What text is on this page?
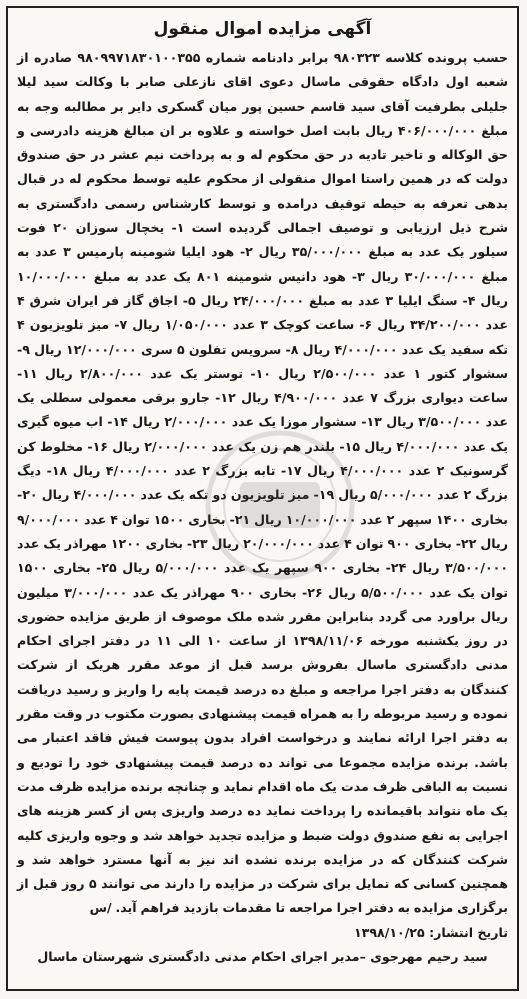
آگهی مزایده اموال منقول

حسب پرونده کلاسه ۹۸۰۳۲۳ برابر دادنامه شماره ۹۸۰۹۹۷۱۸۳۰۱۰۰۳۵۵ صادره از شعبه اول دادگاه حقوقی ماسال دعوی اقای نازعلی صابر با وکالت سید لیلا جلیلی بطرفیت آقای سید قاسم حسین پور میان گسکری دایر بر مطالبه وجه به مبلغ ۴۰۶/۰۰۰/۰۰۰ ریال بابت اصل خواسته و علاوه بر ان مبالغ هزینه دادرسی و حق الوکاله و تاخیر تادیه در حق محکوم له و به پرداخت نیم عشر در حق صندوق دولت که در همین راستا اموال منقولی از محکوم علیه توسط محکوم له در قبال بدهی تعرفه به حیطه توقیف درامده و توسط کارشناس رسمی دادگستری به شرح ذیل ارزیابی و توصیف اجمالی گردیده است ۱- یخچال سوزان ۲۰ فوت سیلور یک عدد به مبلغ ۳۵/۰۰۰/۰۰۰ ریال ۲- هود ایلیا شومینه پارمیس ۳ عدد به مبلغ ۳۰/۰۰۰/۰۰۰ ریال ۳- هود دانیس شومینه ۸۰۱ یک عدد به مبلغ ۱۰/۰۰۰/۰۰۰ ریال ۴- سنگ ایلیا ۳ عدد به مبلغ ۲۴/۰۰۰/۰۰۰ ریال ۵- اجاق گاز فر ایران شرق ۴ عدد ۳۴/۲۰۰/۰۰۰ ریال ۶- ساعت کوچک ۳ عدد ۱/۰۵۰/۰۰۰ ریال ۷- میز تلویزیون ۴ تکه سفید یک عدد ۴/۰۰۰/۰۰۰ ریال ۸- سرویس تفلون ۵ سری ۱۲/۰۰۰/۰۰۰ ریال ۹- سشوار کتور ۱ عدد ۲/۵۰۰/۰۰۰ ریال ۱۰- توستر یک عدد ۲/۸۰۰/۰۰۰ ریال ۱۱- ساعت دیواری بزرگ ۷ عدد ۴/۹۰۰/۰۰۰ ریال ۱۲- جارو برقی معمولی سطلی یک عدد ۳/۵۰۰/۰۰۰ ریال ۱۳- سشوار موزا یک عدد ۲/۰۰۰/۰۰۰ ریال ۱۴- اب میوه گیری یک عدد ۴/۰۰۰/۰۰۰ ریال ۱۵- بلندر هم زن یک عدد ۲/۰۰۰/۰۰۰ ریال ۱۶- مخلوط کن گرسونیک ۲ عدد ۴/۰۰۰/۰۰۰ ریال ۱۷- تابه بزرگ ۲ عدد ۴/۰۰۰/۰۰۰ ریال ۱۸- دیگ بزرگ ۲ عدد ۵/۰۰۰/۰۰۰ ریال ۱۹- میز تلویزیون دو تکه یک عدد ۴/۰۰۰/۰۰۰ ریال ۲۰- بخاری ۱۴۰۰ سپهر ۲ عدد ۱۰/۰۰۰/۰۰۰ ریال ۲۱- بخاری ۱۵۰۰ توان ۴ عدد ۹/۰۰۰/۰۰۰ ریال ۲۲- بخاری ۹۰۰ توان ۴ عدد ۲۰/۰۰۰/۰۰۰ ریال ۲۳- بخاری ۱۲۰۰ مهراذر یک عدد ۳/۵۰۰/۰۰۰ ریال ۲۴- بخاری ۹۰۰ سپهر یک عدد ۵/۰۰۰/۰۰۰ ریال ۲۵- بخاری ۱۵۰۰ توان یک عدد ۵/۵۰۰/۰۰۰ ریال ۲۶- بخاری ۹۰۰ مهراذر یک عدد ۳/۰۰۰/۰۰۰ میلیون ریال براورد می گردد بنابراین مقرر شده ملک موصوف از طریق مزایده حضوری در روز یکشنبه مورخه ۱۳۹۸/۱۱/۰۶ از ساعت ۱۰ الی ۱۱ در دفتر اجرای احکام مدنی دادگستری ماسال بفروش برسد قبل از موعد مقرر هریک از شرکت کنندگان به دفتر اجرا مراجعه و مبلغ ده درصد قیمت پایه را واریز و رسید دریافت نموده و رسید مربوطه را به همراه قیمت پیشنهادی بصورت مکتوب در وقت مقرر به دفتر اجرا ارائه نمایند و درخواست افراد بدون پیوست فیش فاقد اعتبار می باشد. برنده مزایده مجموعا می تواند ده درصد قیمت پیشنهادی خود را تودیع و نسبت به الباقی ظرف مدت یک ماه اقدام نماید و چنانچه برنده مزایده ظرف مدت یک ماه نتواند باقیمانده را پرداخت نماید ده درصد واریزی پس از کسر هزینه های اجرایی به نفع صندوق دولت ضبط و مزایده تجدید خواهد شد و وجوه واریزی کلیه شرکت کنندگان که در مزایده برنده نشده اند نیز به آنها مسترد خواهد شد و همچنین کسانی که تمایل برای شرکت در مزایده را دارند می توانند ۵ روز قبل از برگزاری مزایده به دفتر اجرا مراجعه تا مقدمات بازدید فراهم آید. /س

تاریخ انتشار: ۱۳۹۸/۱۰/۲۵
سید رحیم مهرجوی –مدیر اجرای احکام مدنی دادگستری شهرستان ماسال
